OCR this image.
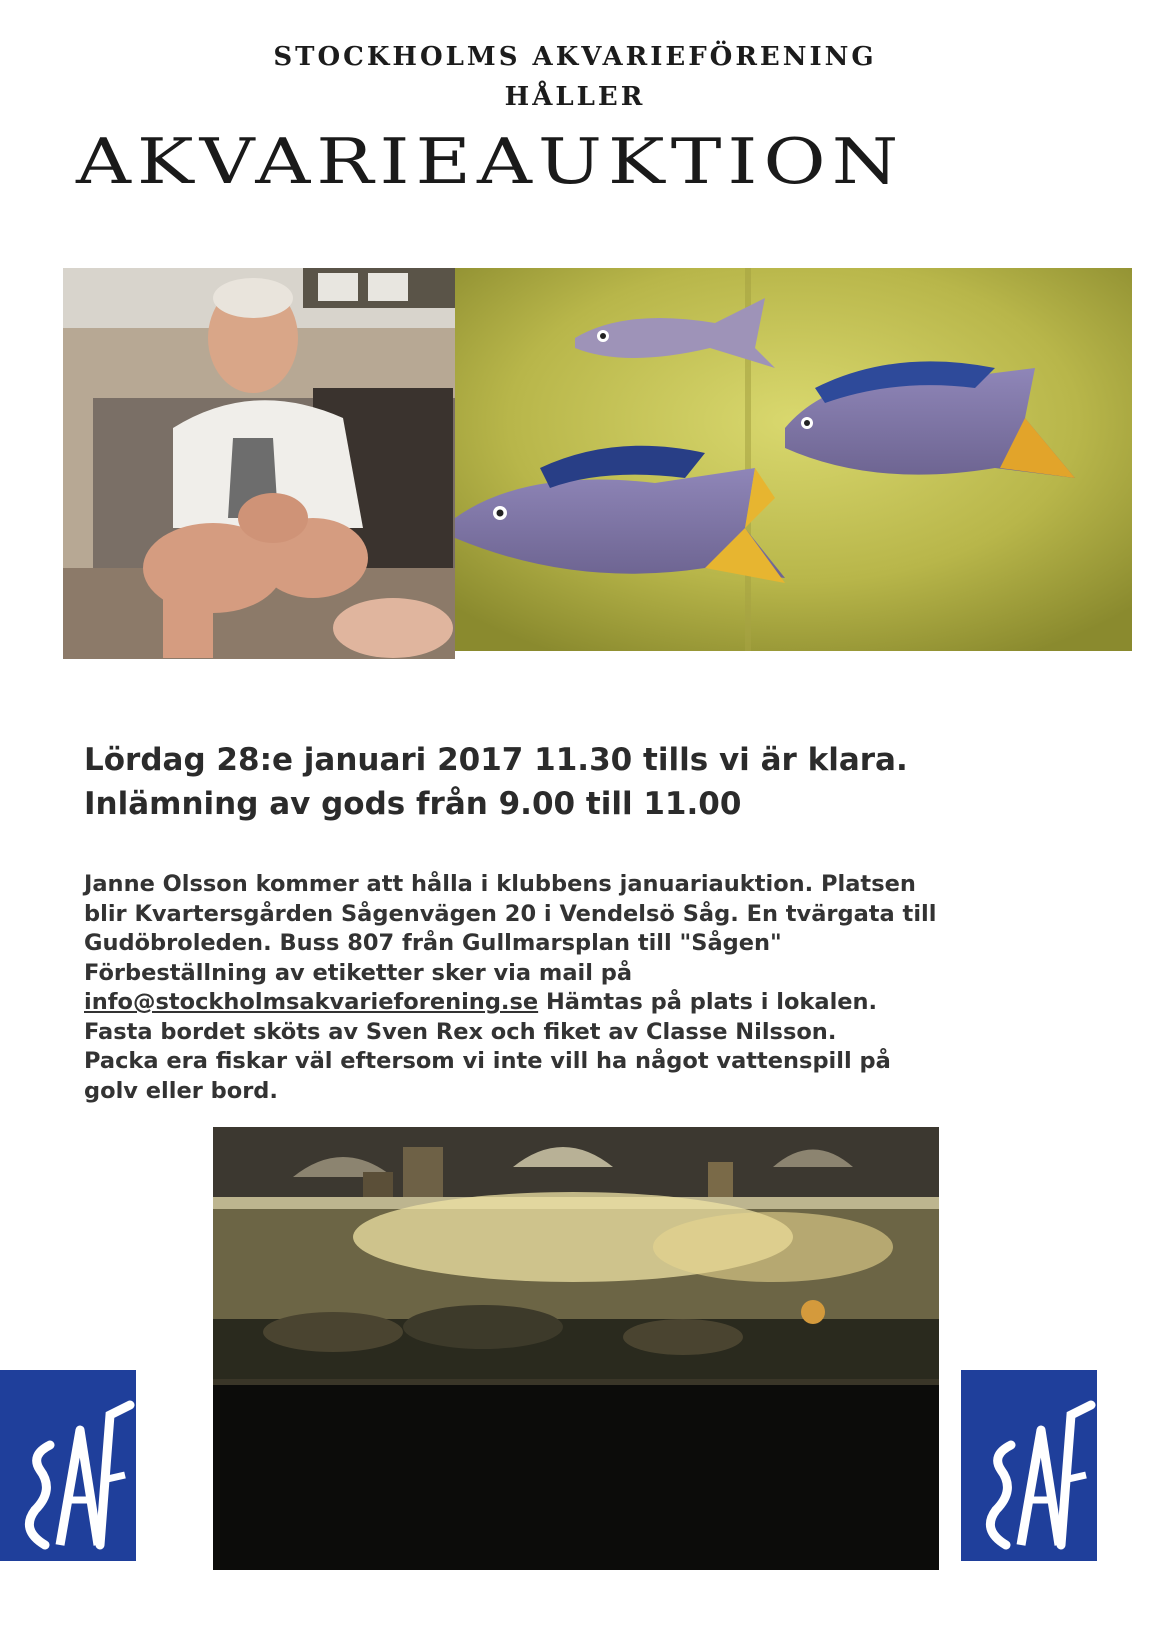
STOCKHOLMS AKVARIEFÖRENING
HÅLLER
AKVARIEAUKTION
Lördag 28:e januari 2017 11.30 tills vi är klara.
Inlämning av gods från 9.00 till 11.00
Janne Olsson kommer att hålla i klubbens januariauktion. Platsen
blir Kvartersgården Sågenvägen 20 i Vendelsö Såg. En tvärgata till
Gudöbroleden. Buss 807 från Gullmarsplan till "Sågen"
Förbeställning av etiketter sker via mail på
info@stockholmsakvarieforening.se Hämtas på plats i lokalen.
Fasta bordet sköts av Sven Rex och fiket av Classe Nilsson.
Packa era fiskar väl eftersom vi inte vill ha något vattenspill på
golv eller bord.
